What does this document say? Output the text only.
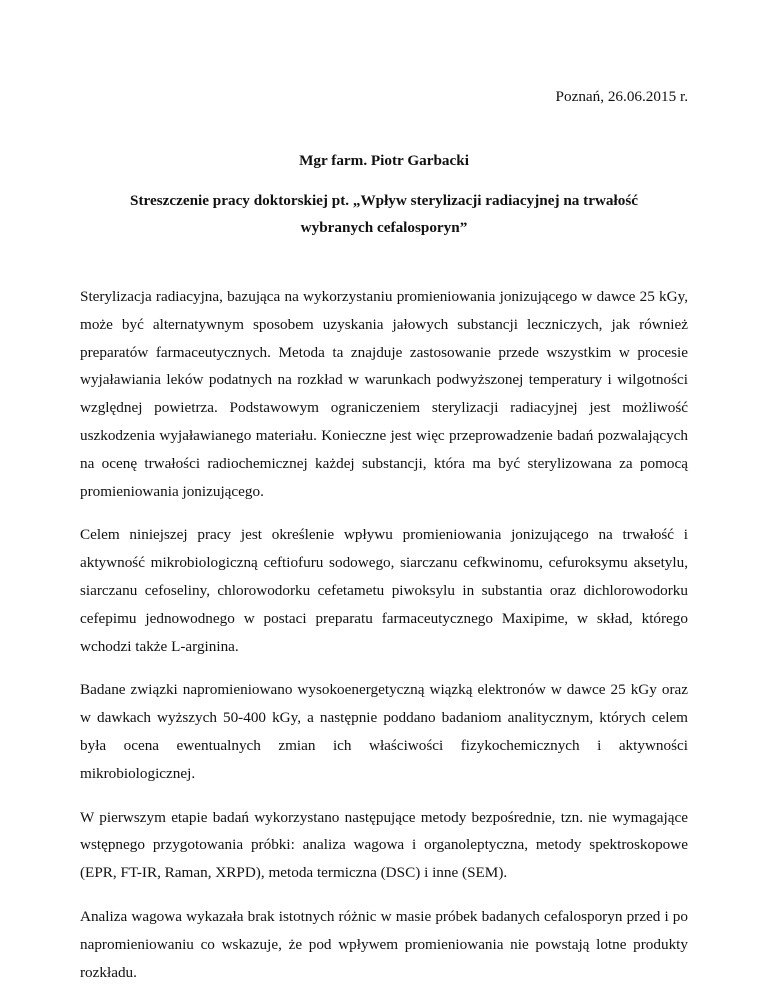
Poznań, 26.06.2015 r.
Mgr farm. Piotr Garbacki
Streszczenie pracy doktorskiej pt. „Wpływ sterylizacji radiacyjnej na trwałość wybranych cefalosporyn”

Sterylizacja radiacyjna, bazująca na wykorzystaniu promieniowania jonizującego w dawce 25 kGy, może być alternatywnym sposobem uzyskania jałowych substancji leczniczych, jak również preparatów farmaceutycznych. Metoda ta znajduje zastosowanie przede wszystkim w procesie wyjaławiania leków podatnych na rozkład w warunkach podwyższonej temperatury i wilgotności względnej powietrza. Podstawowym ograniczeniem sterylizacji radiacyjnej jest możliwość uszkodzenia wyjaławianego materiału. Konieczne jest więc przeprowadzenie badań pozwalających na ocenę trwałości radiochemicznej każdej substancji, która ma być sterylizowana za pomocą promieniowania jonizującego.

Celem niniejszej pracy jest określenie wpływu promieniowania jonizującego na trwałość i aktywność mikrobiologiczną ceftiofuru sodowego, siarczanu cefkwinomu, cefuroksymu aksetylu, siarczanu cefoseliny, chlorowodorku cefetametu piwoksylu in substantia oraz dichlorowodorku cefepimu jednowodnego w postaci preparatu farmaceutycznego Maxipime, w skład, którego wchodzi także L-arginina.

Badane związki napromieniowano wysokoenergetyczną wiązką elektronów w dawce 25 kGy oraz w dawkach wyższych 50-400 kGy, a następnie poddano badaniom analitycznym, których celem była ocena ewentualnych zmian ich właściwości fizykochemicznych i aktywności mikrobiologicznej.

W pierwszym etapie badań wykorzystano następujące metody bezpośrednie, tzn. nie wymagające wstępnego przygotowania próbki: analiza wagowa i organoleptyczna, metody spektroskopowe (EPR, FT-IR, Raman, XRPD), metoda termiczna (DSC) i inne (SEM).

Analiza wagowa wykazała brak istotnych różnic w masie próbek badanych cefalosporyn przed i po napromieniowaniu co wskazuje, że pod wpływem promieniowania nie powstają lotne produkty rozkładu.
